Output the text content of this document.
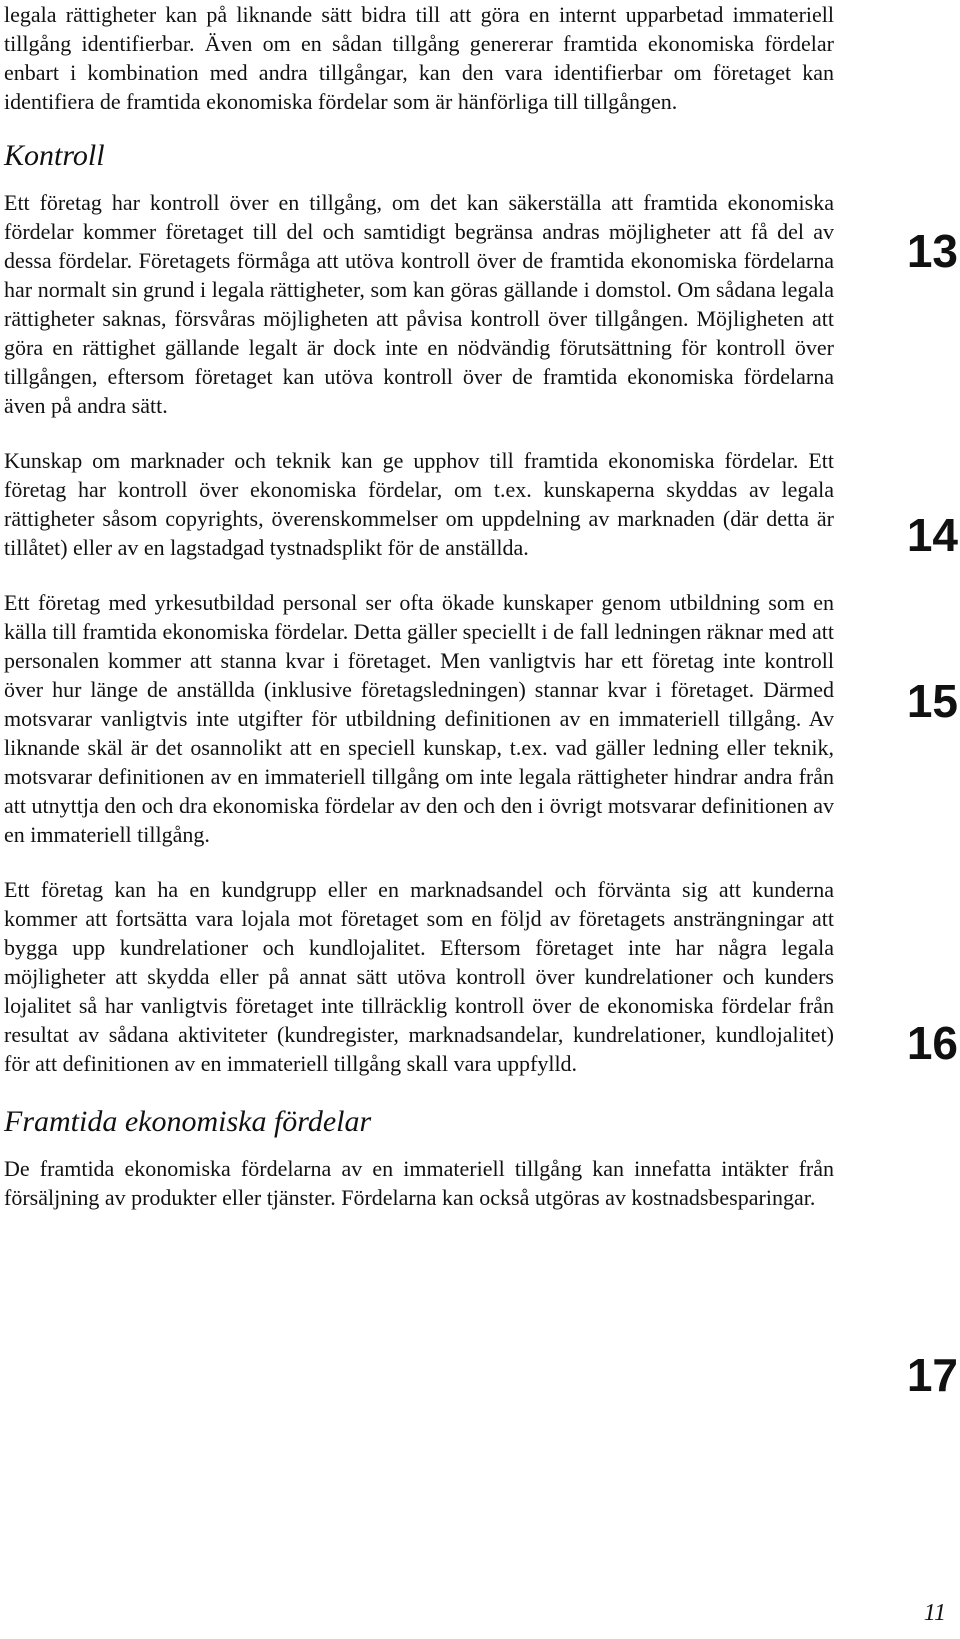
legala rättigheter kan på liknande sätt bidra till att göra en internt upparbetad immateriell tillgång identifierbar. Även om en sådan tillgång genererar framtida ekonomiska fördelar enbart i kombination med andra tillgångar, kan den vara identifierbar om företaget kan identifiera de framtida ekonomiska fördelar som är hänförliga till tillgången.

Kontroll

Ett företag har kontroll över en tillgång, om det kan säkerställa att framtida ekonomiska fördelar kommer företaget till del och samtidigt begränsa andras möjligheter att få del av dessa fördelar. Företagets förmåga att utöva kontroll över de framtida ekonomiska fördelarna har normalt sin grund i legala rättigheter, som kan göras gällande i domstol. Om sådana legala rättigheter saknas, försvåras möjligheten att påvisa kontroll över tillgången. Möjligheten att göra en rättighet gällande legalt är dock inte en nödvändig förutsättning för kontroll över tillgången, eftersom företaget kan utöva kontroll över de framtida ekonomiska fördelarna även på andra sätt.

Kunskap om marknader och teknik kan ge upphov till framtida ekonomiska fördelar. Ett företag har kontroll över ekonomiska fördelar, om t.ex. kunskaperna skyddas av legala rättigheter såsom copyrights, överenskommelser om uppdelning av marknaden (där detta är tillåtet) eller av en lagstadgad tystnadsplikt för de anställda.

Ett företag med yrkesutbildad personal ser ofta ökade kunskaper genom utbildning som en källa till framtida ekonomiska fördelar. Detta gäller speciellt i de fall ledningen räknar med att personalen kommer att stanna kvar i företaget. Men vanligtvis har ett företag inte kontroll över hur länge de anställda (inklusive företagsledningen) stannar kvar i företaget. Därmed motsvarar vanligtvis inte utgifter för utbildning definitionen av en immateriell tillgång. Av liknande skäl är det osannolikt att en speciell kunskap, t.ex. vad gäller ledning eller teknik, motsvarar definitionen av en immateriell tillgång om inte legala rättigheter hindrar andra från att utnyttja den och dra ekonomiska fördelar av den och den i övrigt motsvarar definitionen av en immateriell tillgång.

Ett företag kan ha en kundgrupp eller en marknadsandel och förvänta sig att kunderna kommer att fortsätta vara lojala mot företaget som en följd av företagets ansträngningar att bygga upp kundrelationer och kundlojalitet. Eftersom företaget inte har några legala möjligheter att skydda eller på annat sätt utöva kontroll över kundrelationer och kunders lojalitet så har vanligtvis företaget inte tillräcklig kontroll över de ekonomiska fördelar från resultat av sådana aktiviteter (kundregister, marknadsandelar, kundrelationer, kundlojalitet) för att definitionen av en immateriell tillgång skall vara uppfylld.

Framtida ekonomiska fördelar

De framtida ekonomiska fördelarna av en immateriell tillgång kan innefatta intäkter från försäljning av produkter eller tjänster. Fördelarna kan också utgöras av kostnadsbesparingar.

13
14
15
16
17
11
